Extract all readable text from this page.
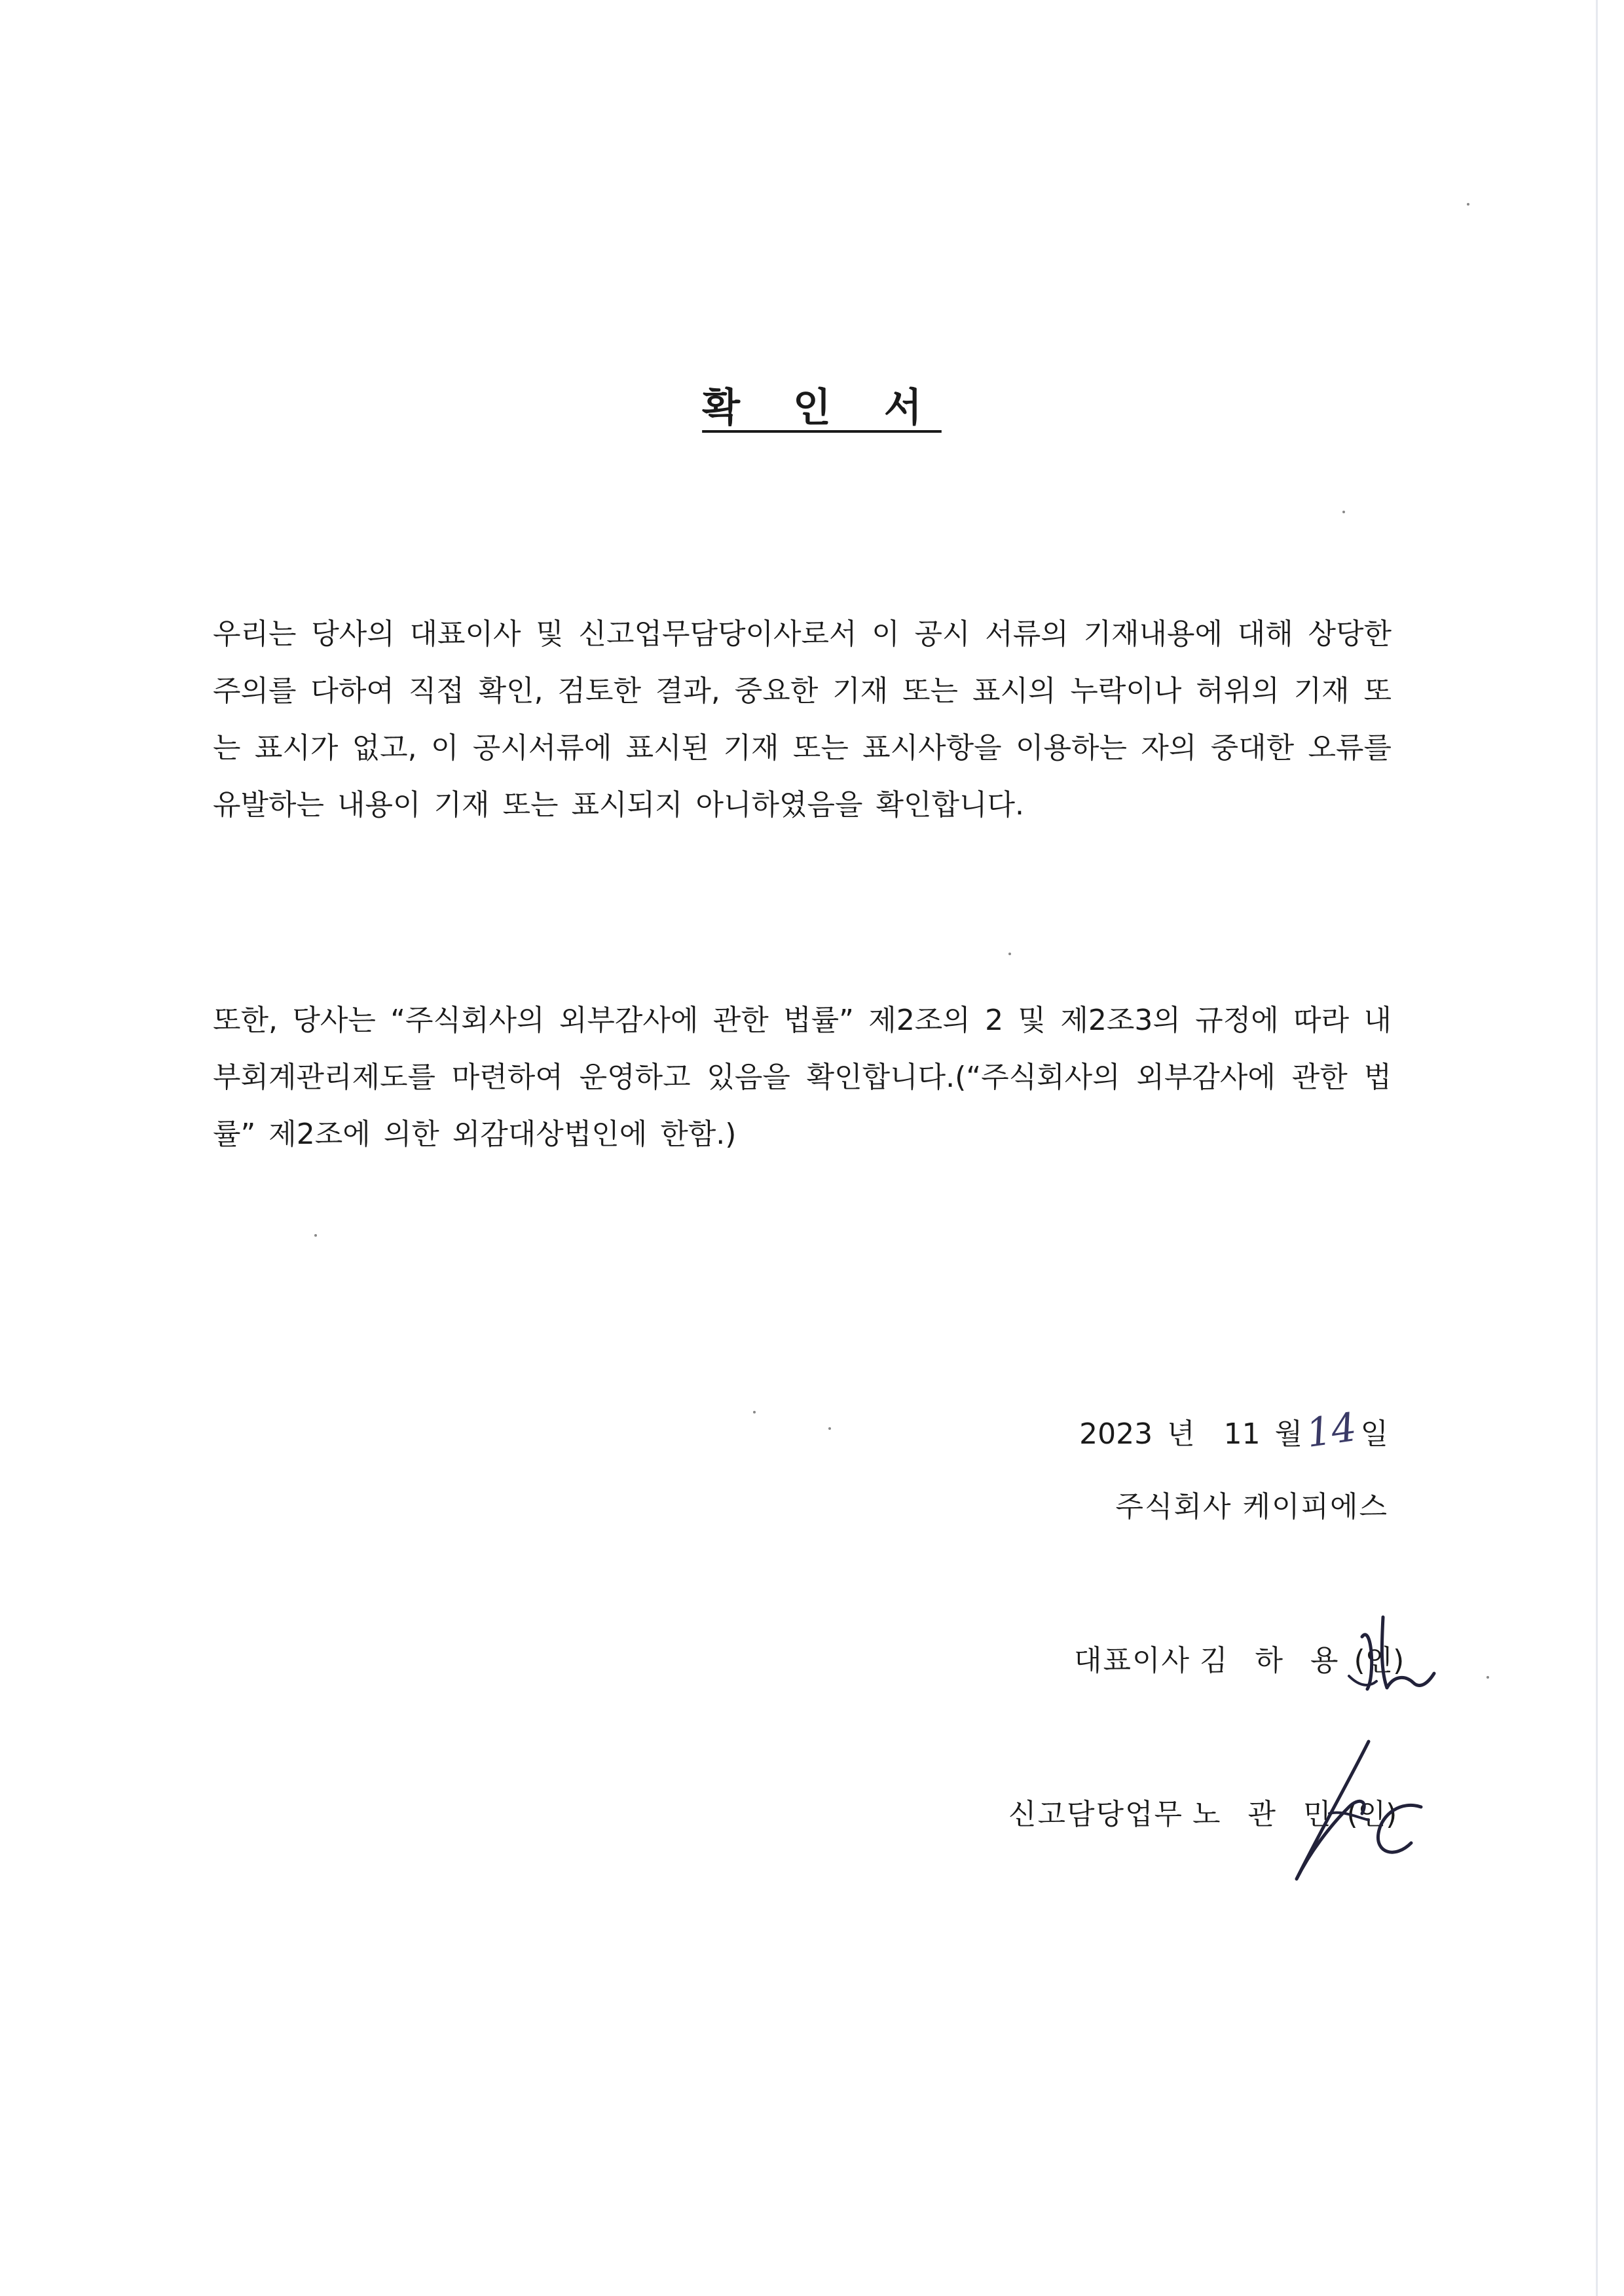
확 인 서
우리는 당사의 대표이사 및 신고업무담당이사로서 이 공시 서류의 기재내용에 대해 상당한 주의를 다하여 직접 확인, 검토한 결과, 중요한 기재 또는 표시의 누락이나 허위의 기재 또는 표시가 없고, 이 공시서류에 표시된 기재 또는 표시사항을 이용하는 자의 중대한 오류를 유발하는 내용이 기재 또는 표시되지 아니하였음을 확인합니다.
또한, 당사는 “주식회사의 외부감사에 관한 법률” 제2조의 2 및 제2조3의 규정에 따라 내부회계관리제도를 마련하여 운영하고 있음을 확인합니다.(“주식회사의 외부감사에 관한 법률” 제2조에 의한 외감대상법인에 한함.)
2023 년 11 월14일
주식회사 케이피에스
대표이사 김 하 용 (인)
신고담당업무 노 관 민 (인)
